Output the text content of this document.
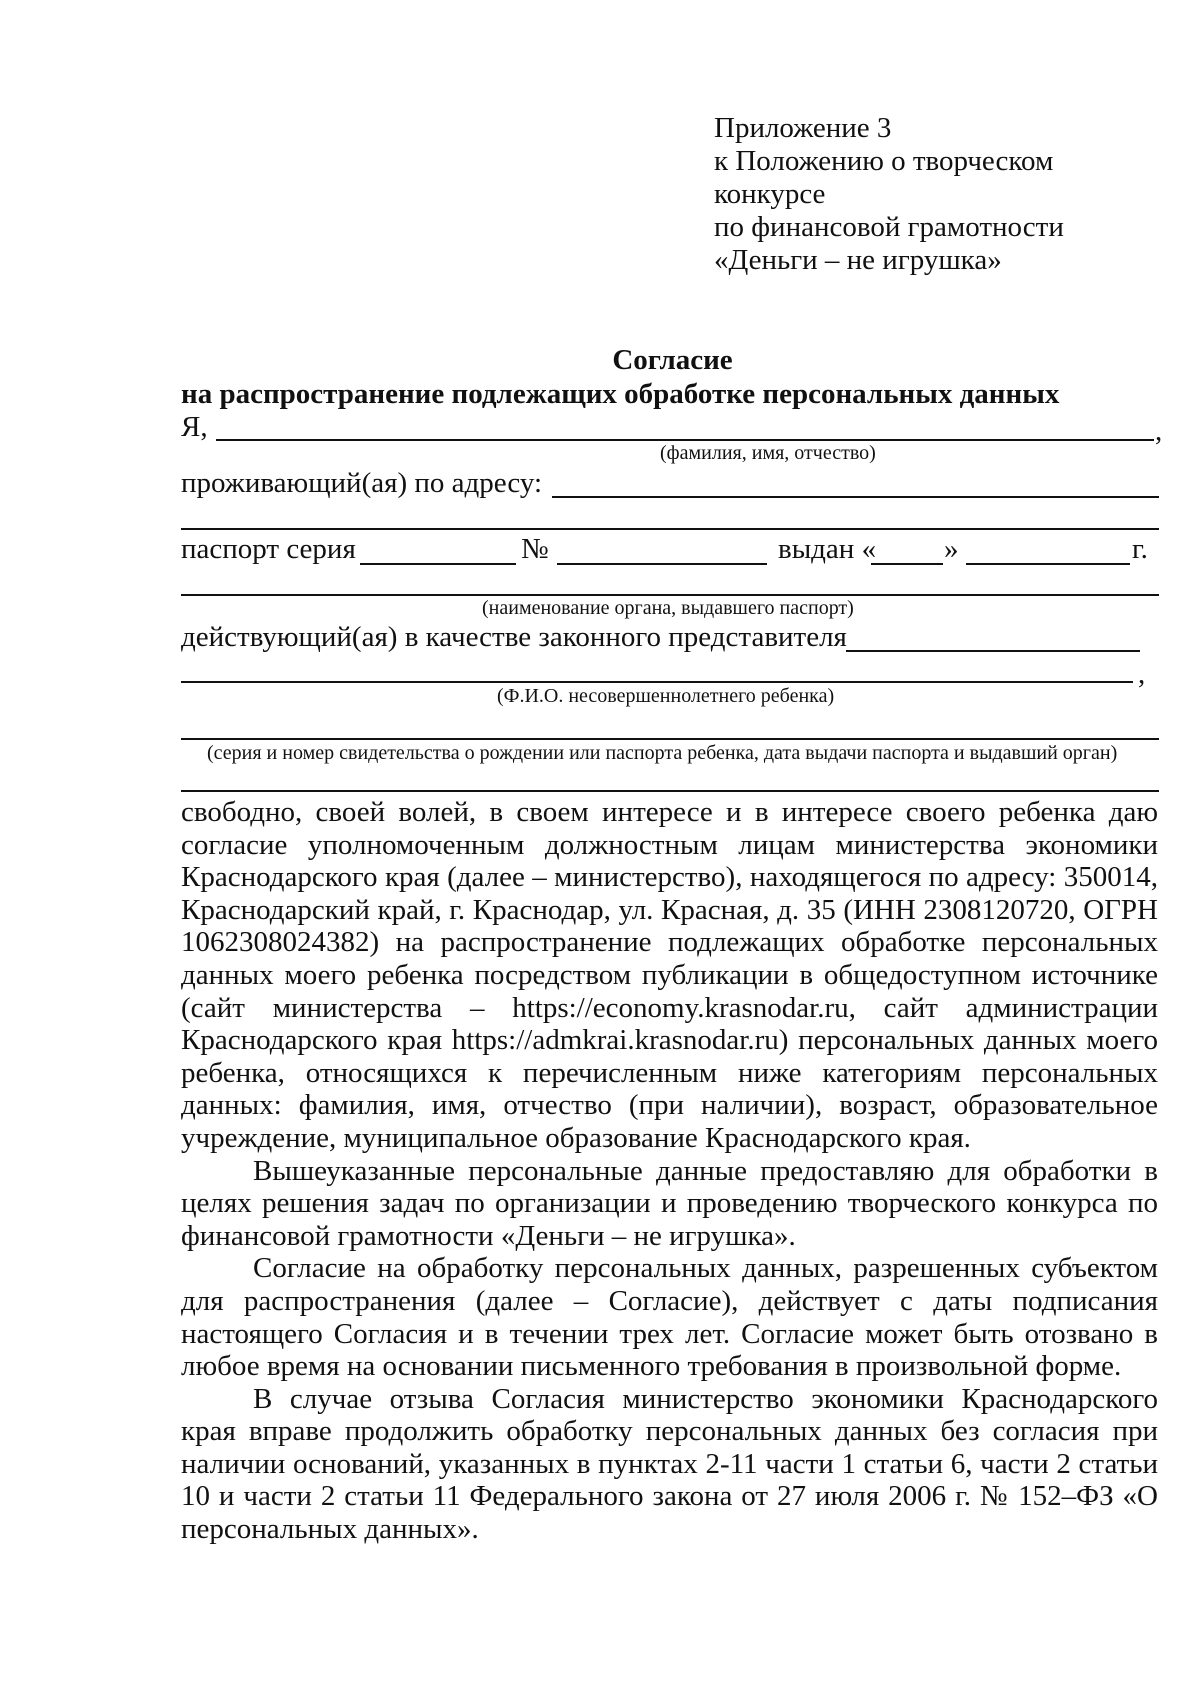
Приложение 3
к Положению о творческом
конкурсе
по финансовой грамотности
«Деньги – не игрушка»
Согласие
на распространение подлежащих обработке персональных данных
Я,	,
(фамилия, имя, отчество)
проживающий(ая) по адресу:
паспорт серия	№	выдан « »	г.
(наименование органа, выдавшего паспорт)
действующий(ая) в качестве законного представителя
,
(Ф.И.О. несовершеннолетнего ребенка)
(серия и номер свидетельства о рождении или паспорта ребенка, дата выдачи паспорта и выдавший орган)

свободно, своей волей, в своем интересе и в интересе своего ребенка даю согласие уполномоченным должностным лицам министерства экономики Краснодарского края (далее – министерство), находящегося по адресу: 350014, Краснодарский край, г. Краснодар, ул. Красная, д. 35 (ИНН 2308120720, ОГРН 1062308024382) на распространение подлежащих обработке персональных данных моего ребенка посредством публикации в общедоступном источнике (сайт министерства – https://economy.krasnodar.ru, сайт администрации Краснодарского края https://admkrai.krasnodar.ru) персональных данных моего ребенка, относящихся к перечисленным ниже категориям персональных данных: фамилия, имя, отчество (при наличии), возраст, образовательное учреждение, муниципальное образование Краснодарского края.

Вышеуказанные персональные данные предоставляю для обработки в целях решения задач по организации и проведению творческого конкурса по финансовой грамотности «Деньги – не игрушка».

Согласие на обработку персональных данных, разрешенных субъектом для распространения (далее – Согласие), действует с даты подписания настоящего Согласия и в течении трех лет. Согласие может быть отозвано в любое время на основании письменного требования в произвольной форме.

В случае отзыва Согласия министерство экономики Краснодарского края вправе продолжить обработку персональных данных без согласия при наличии оснований, указанных в пунктах 2-11 части 1 статьи 6, части 2 статьи 10 и части 2 статьи 11 Федерального закона от 27 июля 2006 г. № 152–ФЗ «О персональных данных».
